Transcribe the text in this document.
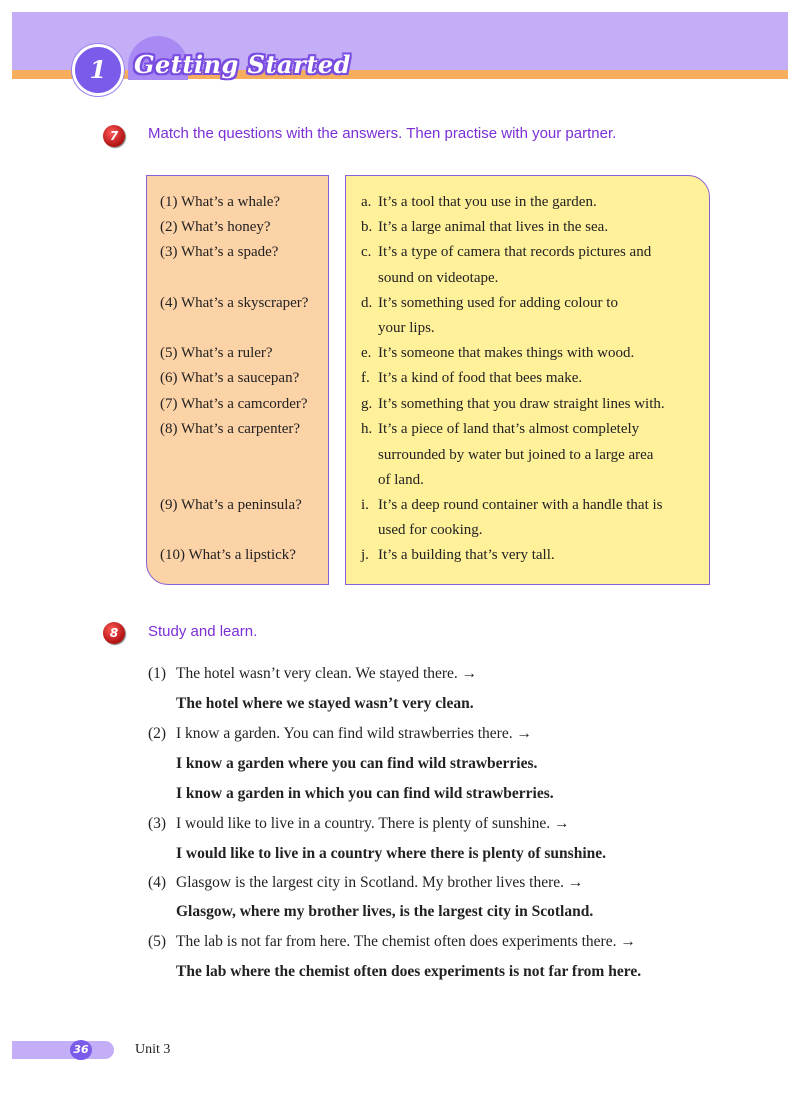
1	Getting Started
7	Match the questions with the answers. Then practise with your partner.
(1) What’s a whale?
(2) What’s honey?
(3) What’s a spade?
(4) What’s a skyscraper?
(5) What’s a ruler?
(6) What’s a saucepan?
(7) What’s a camcorder?
(8) What’s a carpenter?
(9) What’s a peninsula?
(10) What’s a lipstick?
a. It’s a tool that you use in the garden.
b. It’s a large animal that lives in the sea.
c. It’s a type of camera that records pictures and
sound on videotape.
d. It’s something used for adding colour to
your lips.
e. It’s someone that makes things with wood.
f. It’s a kind of food that bees make.
g. It’s something that you draw straight lines with.
h. It’s a piece of land that’s almost completely
surrounded by water but joined to a large area
of land.
i. It’s a deep round container with a handle that is
used for cooking.
j. It’s a building that’s very tall.
8	Study and learn.
(1) The hotel wasn’t very clean. We stayed there. →
The hotel where we stayed wasn’t very clean.
(2) I know a garden. You can find wild strawberries there. →
I know a garden where you can find wild strawberries.
I know a garden in which you can find wild strawberries.
(3) I would like to live in a country. There is plenty of sunshine. →
I would like to live in a country where there is plenty of sunshine.
(4) Glasgow is the largest city in Scotland. My brother lives there. →
Glasgow, where my brother lives, is the largest city in Scotland.
(5) The lab is not far from here. The chemist often does experiments there. →
The lab where the chemist often does experiments is not far from here.
36	Unit 3
